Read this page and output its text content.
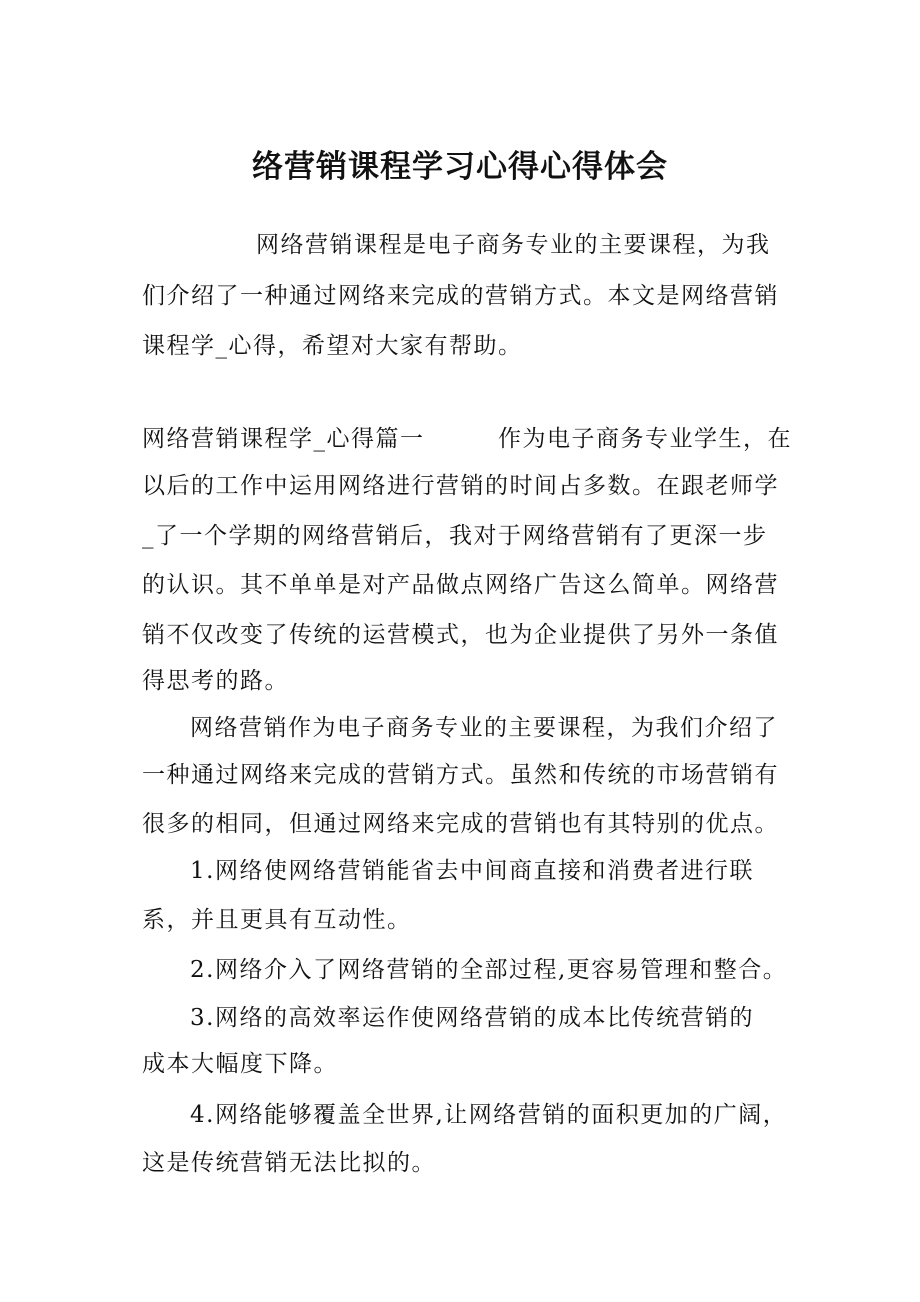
络营销课程学习心得心得体会
网络营销课程是电子商务专业的主要课程，为我
们介绍了一种通过网络来完成的营销方式。本文是网络营销
课程学_心得，希望对大家有帮助。
网络营销课程学_心得篇一　　　作为电子商务专业学生，在
以后的工作中运用网络进行营销的时间占多数。在跟老师学
_了一个学期的网络营销后，我对于网络营销有了更深一步
的认识。其不单单是对产品做点网络广告这么简单。网络营
销不仅改变了传统的运营模式，也为企业提供了另外一条值
得思考的路。
网络营销作为电子商务专业的主要课程，为我们介绍了
一种通过网络来完成的营销方式。虽然和传统的市场营销有
很多的相同，但通过网络来完成的营销也有其特别的优点。
1.网络使网络营销能省去中间商直接和消费者进行联
系，并且更具有互动性。
2.网络介入了网络营销的全部过程,更容易管理和整合。
3.网络的高效率运作使网络营销的成本比传统营销的
成本大幅度下降。
4.网络能够覆盖全世界,让网络营销的面积更加的广阔，
这是传统营销无法比拟的。
